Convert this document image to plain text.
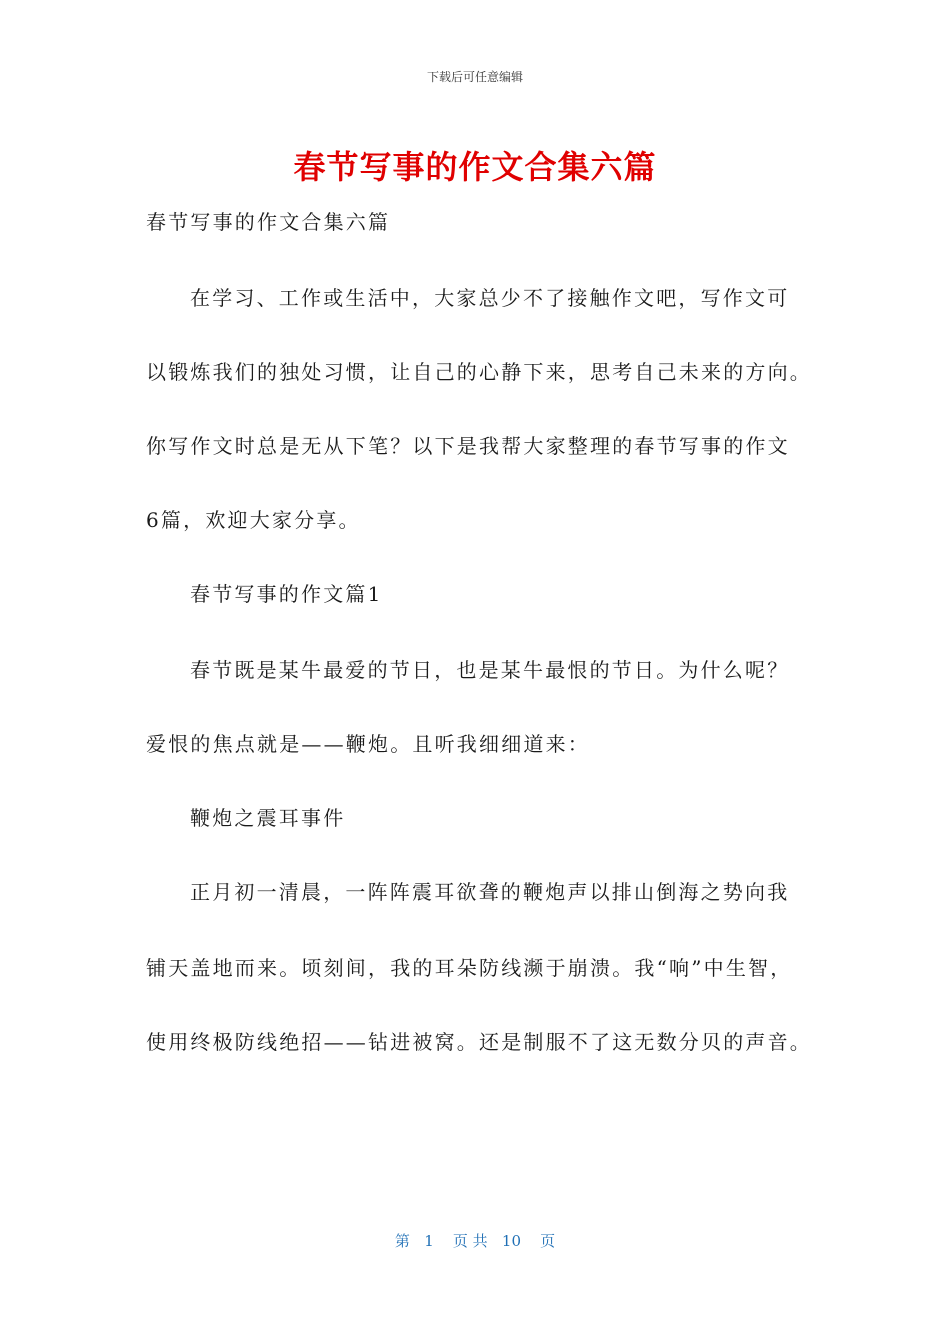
下载后可任意编辑
春节写事的作文合集六篇
春节写事的作文合集六篇
在学习、工作或生活中，大家总少不了接触作文吧，写作文可
以锻炼我们的独处习惯，让自己的心静下来，思考自己未来的方向。
你写作文时总是无从下笔？以下是我帮大家整理的春节写事的作文
6篇，欢迎大家分享。
春节写事的作文篇1
春节既是某牛最爱的节日，也是某牛最恨的节日。为什么呢？
爱恨的焦点就是——鞭炮。且听我细细道来：
鞭炮之震耳事件
正月初一清晨，一阵阵震耳欲聋的鞭炮声以排山倒海之势向我
铺天盖地而来。顷刻间，我的耳朵防线濒于崩溃。我“响”中生智，
使用终极防线绝招——钻进被窝。还是制服不了这无数分贝的声音。
第   1    页 共   10    页
